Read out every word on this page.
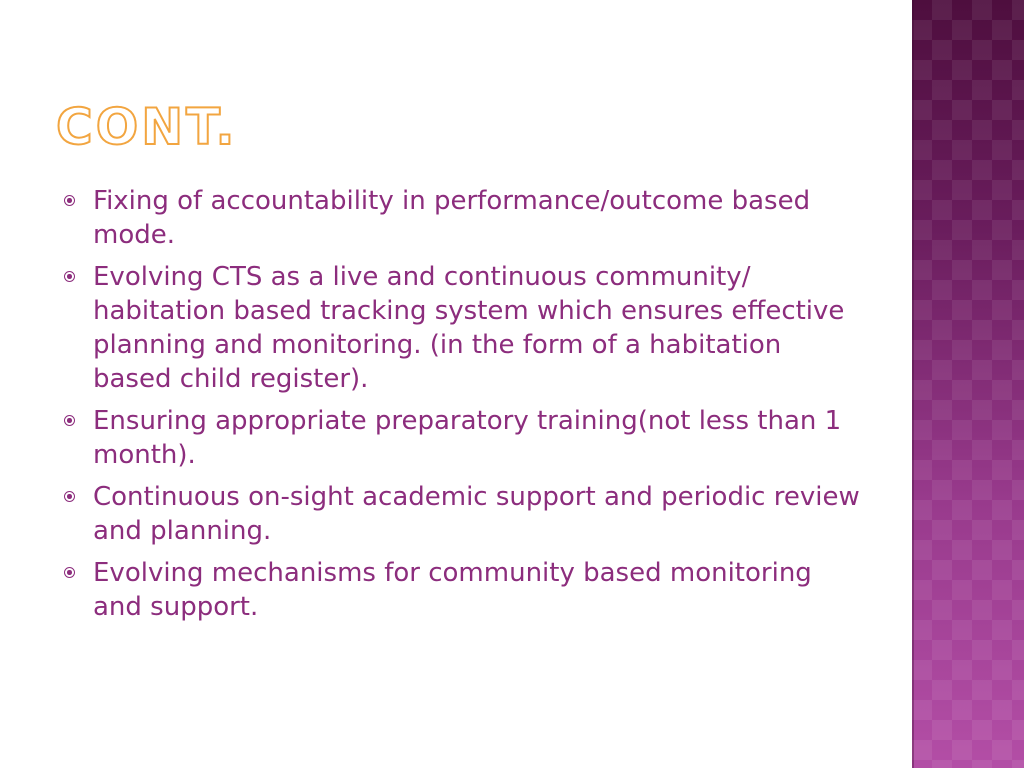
CONT.
Fixing of accountability in performance/outcome based mode.
Evolving CTS as a live and continuous community/ habitation based tracking system which ensures effective planning and monitoring. (in the form of a habitation based child register).
Ensuring appropriate preparatory training(not less than 1 month).
Continuous on-sight academic support and periodic review and planning.
Evolving mechanisms for community based monitoring and support.
